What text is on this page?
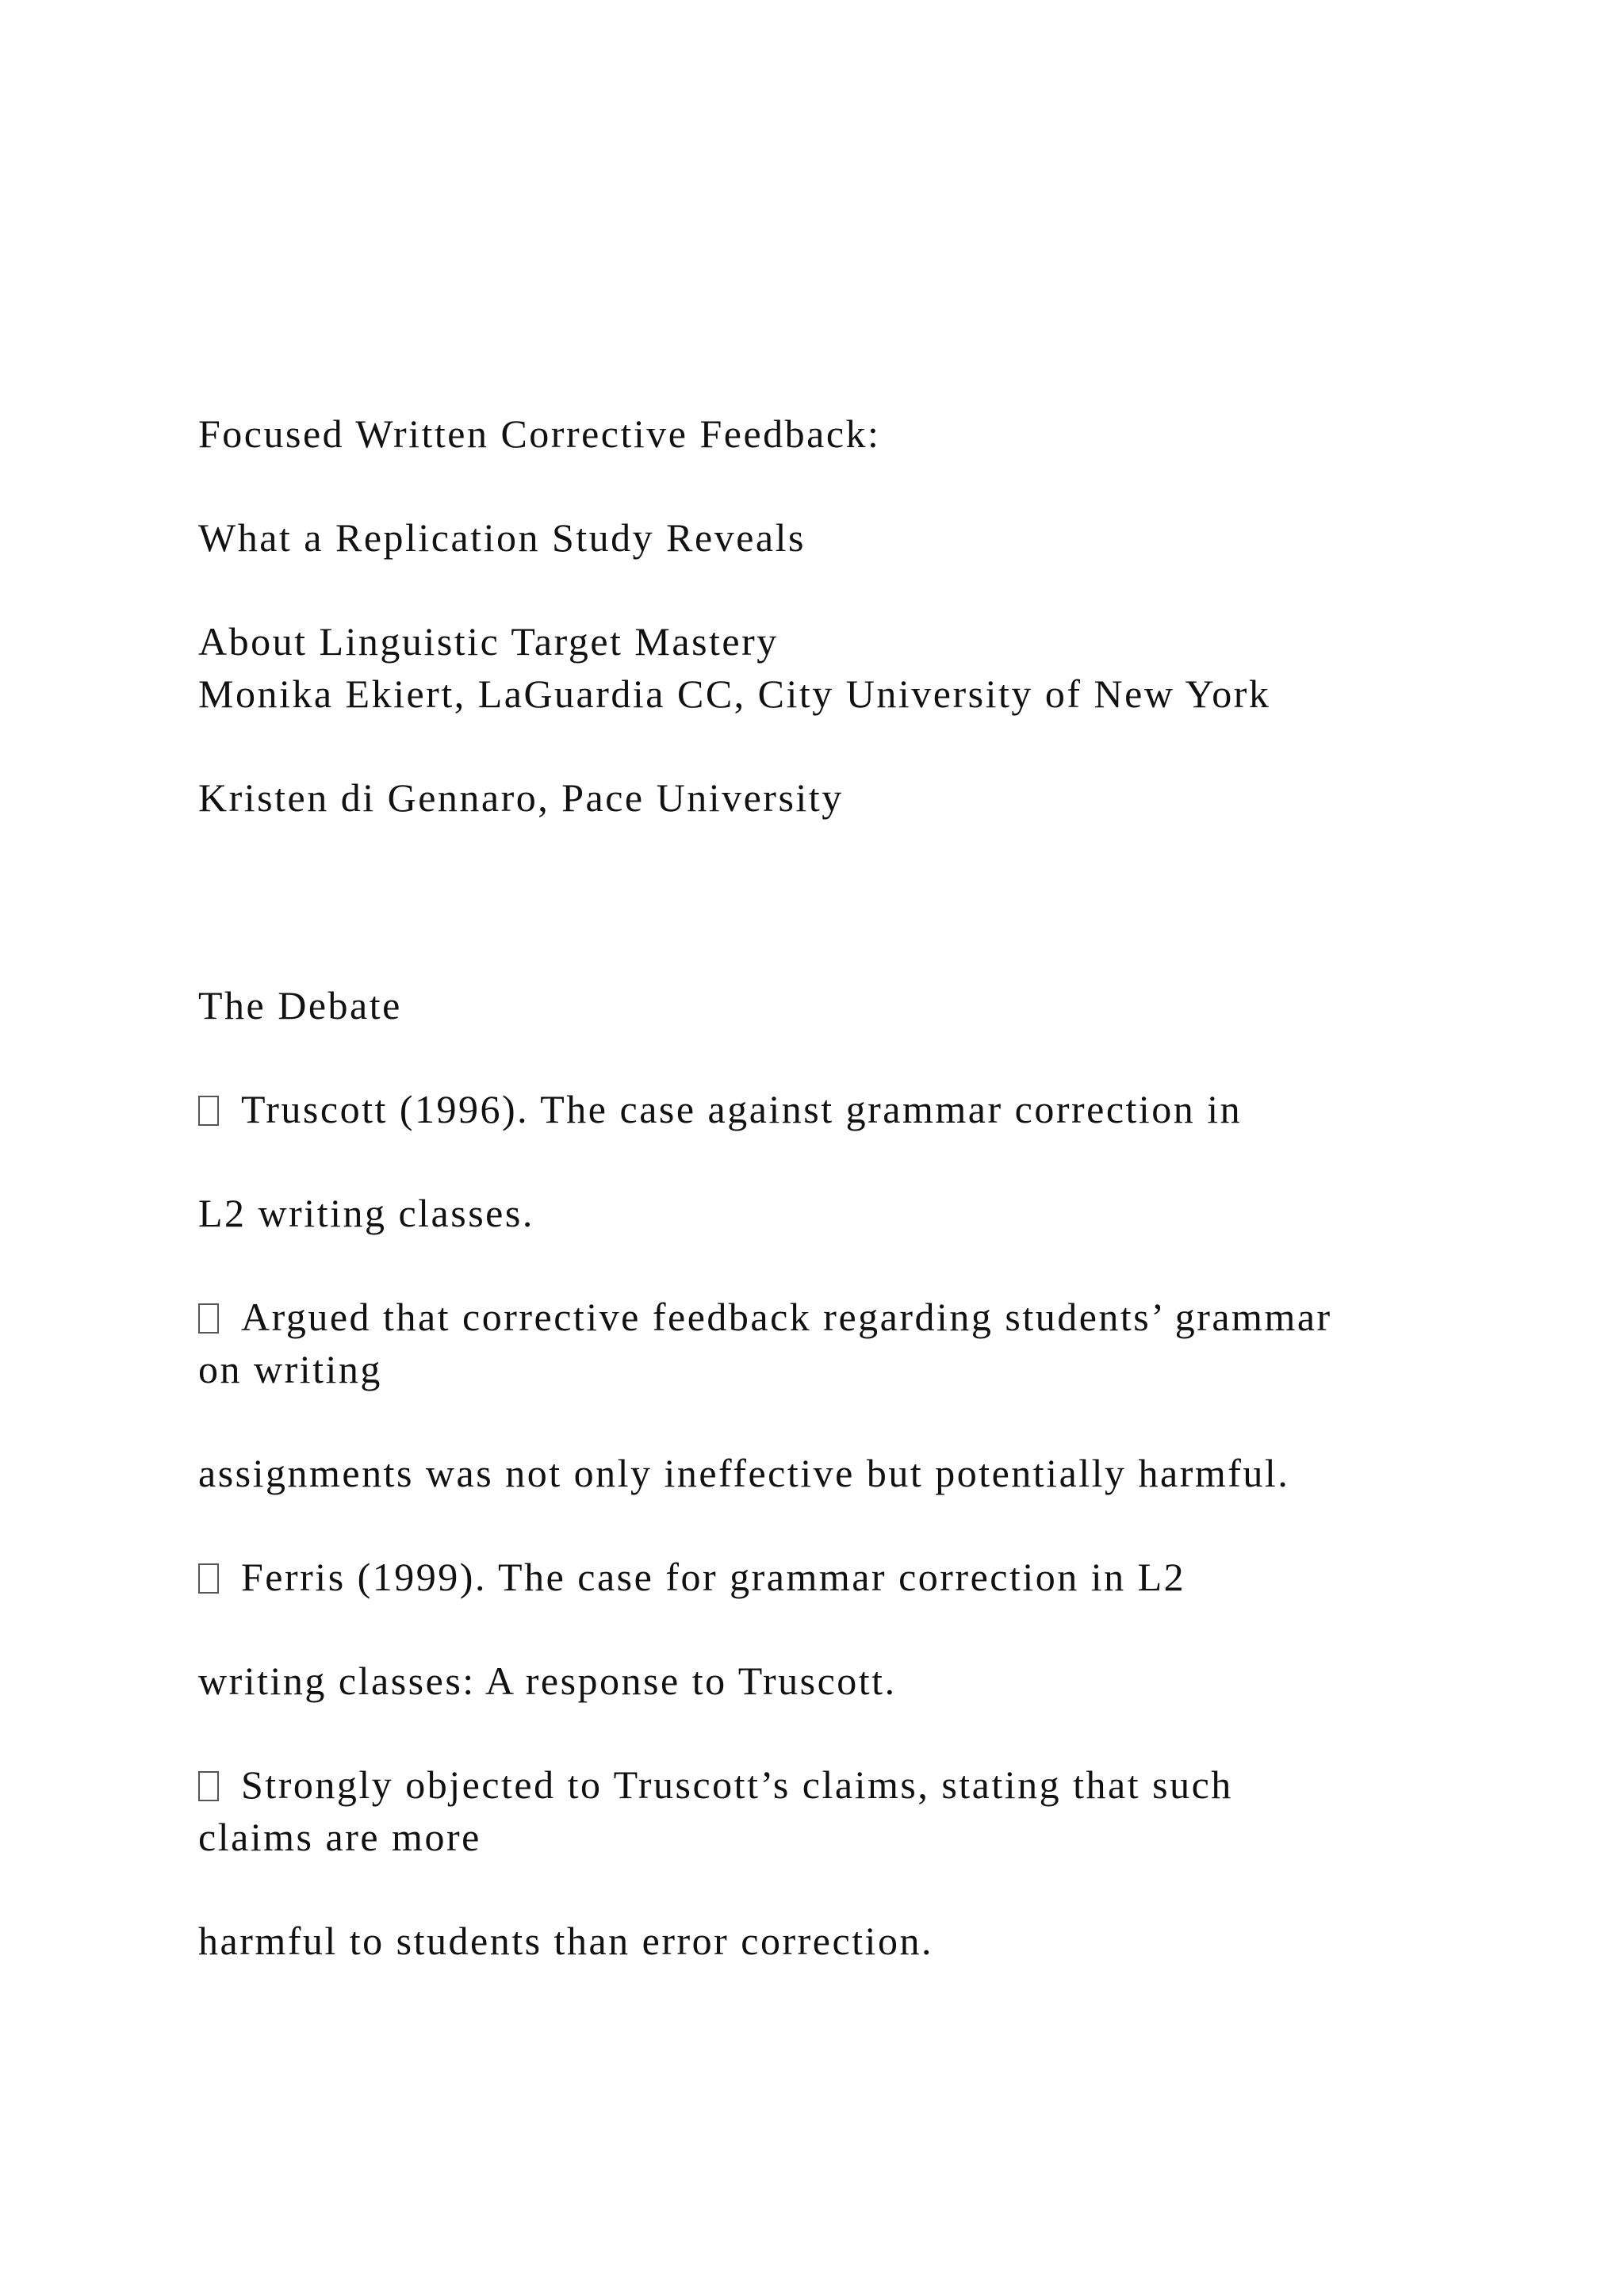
Focused Written Corrective Feedback:
What a Replication Study Reveals
About Linguistic Target Mastery
Monika Ekiert, LaGuardia CC, City University of New York
Kristen di Gennaro, Pace University
The Debate
Truscott (1996). The case against grammar correction in
L2 writing classes.
Argued that corrective feedback regarding students’ grammar
on writing
assignments was not only ineffective but potentially harmful.
Ferris (1999). The case for grammar correction in L2
writing classes: A response to Truscott.
Strongly objected to Truscott’s claims, stating that such
claims are more
harmful to students than error correction.
